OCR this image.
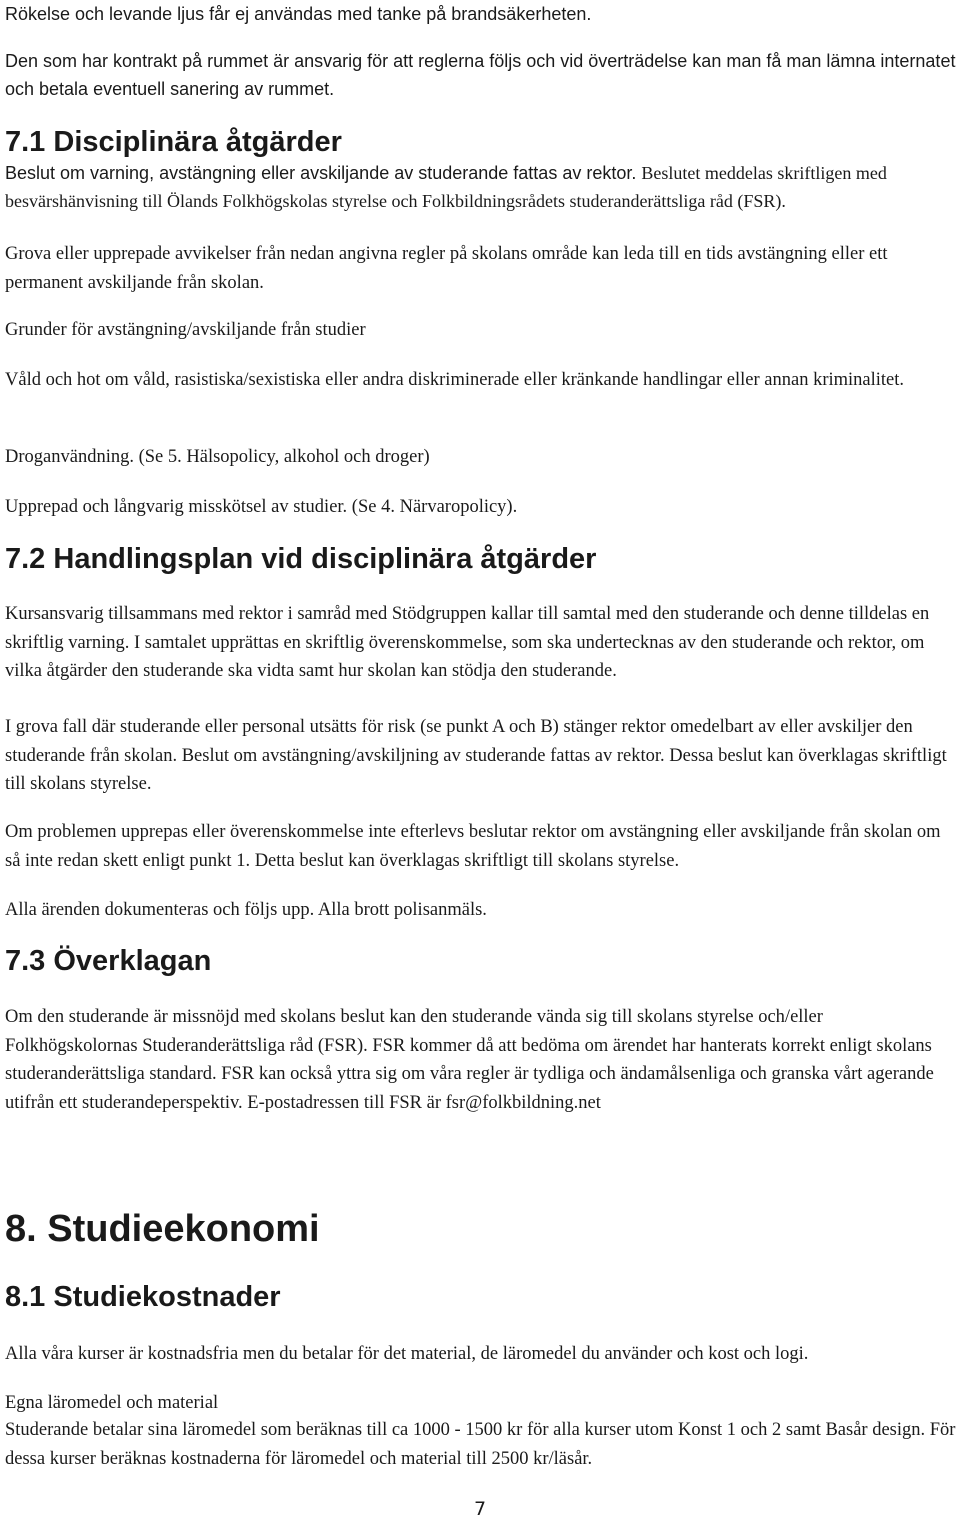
Rökelse och levande ljus får ej användas med tanke på brandsäkerheten.

Den som har kontrakt på rummet är ansvarig för att reglerna följs och vid överträdelse kan man få man lämna internatet och betala eventuell sanering av rummet.

7.1 Disciplinära åtgärder

Beslut om varning, avstängning eller avskiljande av studerande fattas av rektor. Beslutet meddelas skriftligen med besvärshänvisning till Ölands Folkhögskolas styrelse och Folkbildningsrådets studeranderättsliga råd (FSR).

Grova eller upprepade avvikelser från nedan angivna regler på skolans område kan leda till en tids avstängning eller ett permanent avskiljande från skolan.

Grunder för avstängning/avskiljande från studier

Våld och hot om våld, rasistiska/sexistiska eller andra diskriminerade eller kränkande handlingar eller annan kriminalitet.

Droganvändning. (Se 5. Hälsopolicy, alkohol och droger)

Upprepad och långvarig misskötsel av studier. (Se 4. Närvaropolicy).

7.2 Handlingsplan vid disciplinära åtgärder

Kursansvarig tillsammans med rektor i samråd med Stödgruppen kallar till samtal med den studerande och denne tilldelas en skriftlig varning. I samtalet upprättas en skriftlig överenskommelse, som ska undertecknas av den studerande och rektor, om vilka åtgärder den studerande ska vidta samt hur skolan kan stödja den studerande.

I grova fall där studerande eller personal utsätts för risk (se punkt A och B) stänger rektor omedelbart av eller avskiljer den studerande från skolan. Beslut om avstängning/avskiljning av studerande fattas av rektor. Dessa beslut kan överklagas skriftligt till skolans styrelse.

Om problemen upprepas eller överenskommelse inte efterlevs beslutar rektor om avstängning eller avskiljande från skolan om så inte redan skett enligt punkt 1. Detta beslut kan överklagas skriftligt till skolans styrelse.

Alla ärenden dokumenteras och följs upp. Alla brott polisanmäls.

7.3 Överklagan

Om den studerande är missnöjd med skolans beslut kan den studerande vända sig till skolans styrelse och/eller Folkhögskolornas Studeranderättsliga råd (FSR). FSR kommer då att bedöma om ärendet har hanterats korrekt enligt skolans studeranderättsliga standard. FSR kan också yttra sig om våra regler är tydliga och ändamålsenliga och granska vårt agerande utifrån ett studerandeperspektiv. E-postadressen till FSR är fsr@folkbildning.net

8. Studieekonomi
8.1 Studiekostnader

Alla våra kurser är kostnadsfria men du betalar för det material, de läromedel du använder och kost och logi.

Egna läromedel och material

Studerande betalar sina läromedel som beräknas till ca 1000 - 1500 kr för alla kurser utom Konst 1 och 2 samt Basår design. För dessa kurser beräknas kostnaderna för läromedel och material till 2500 kr/läsår.

7
